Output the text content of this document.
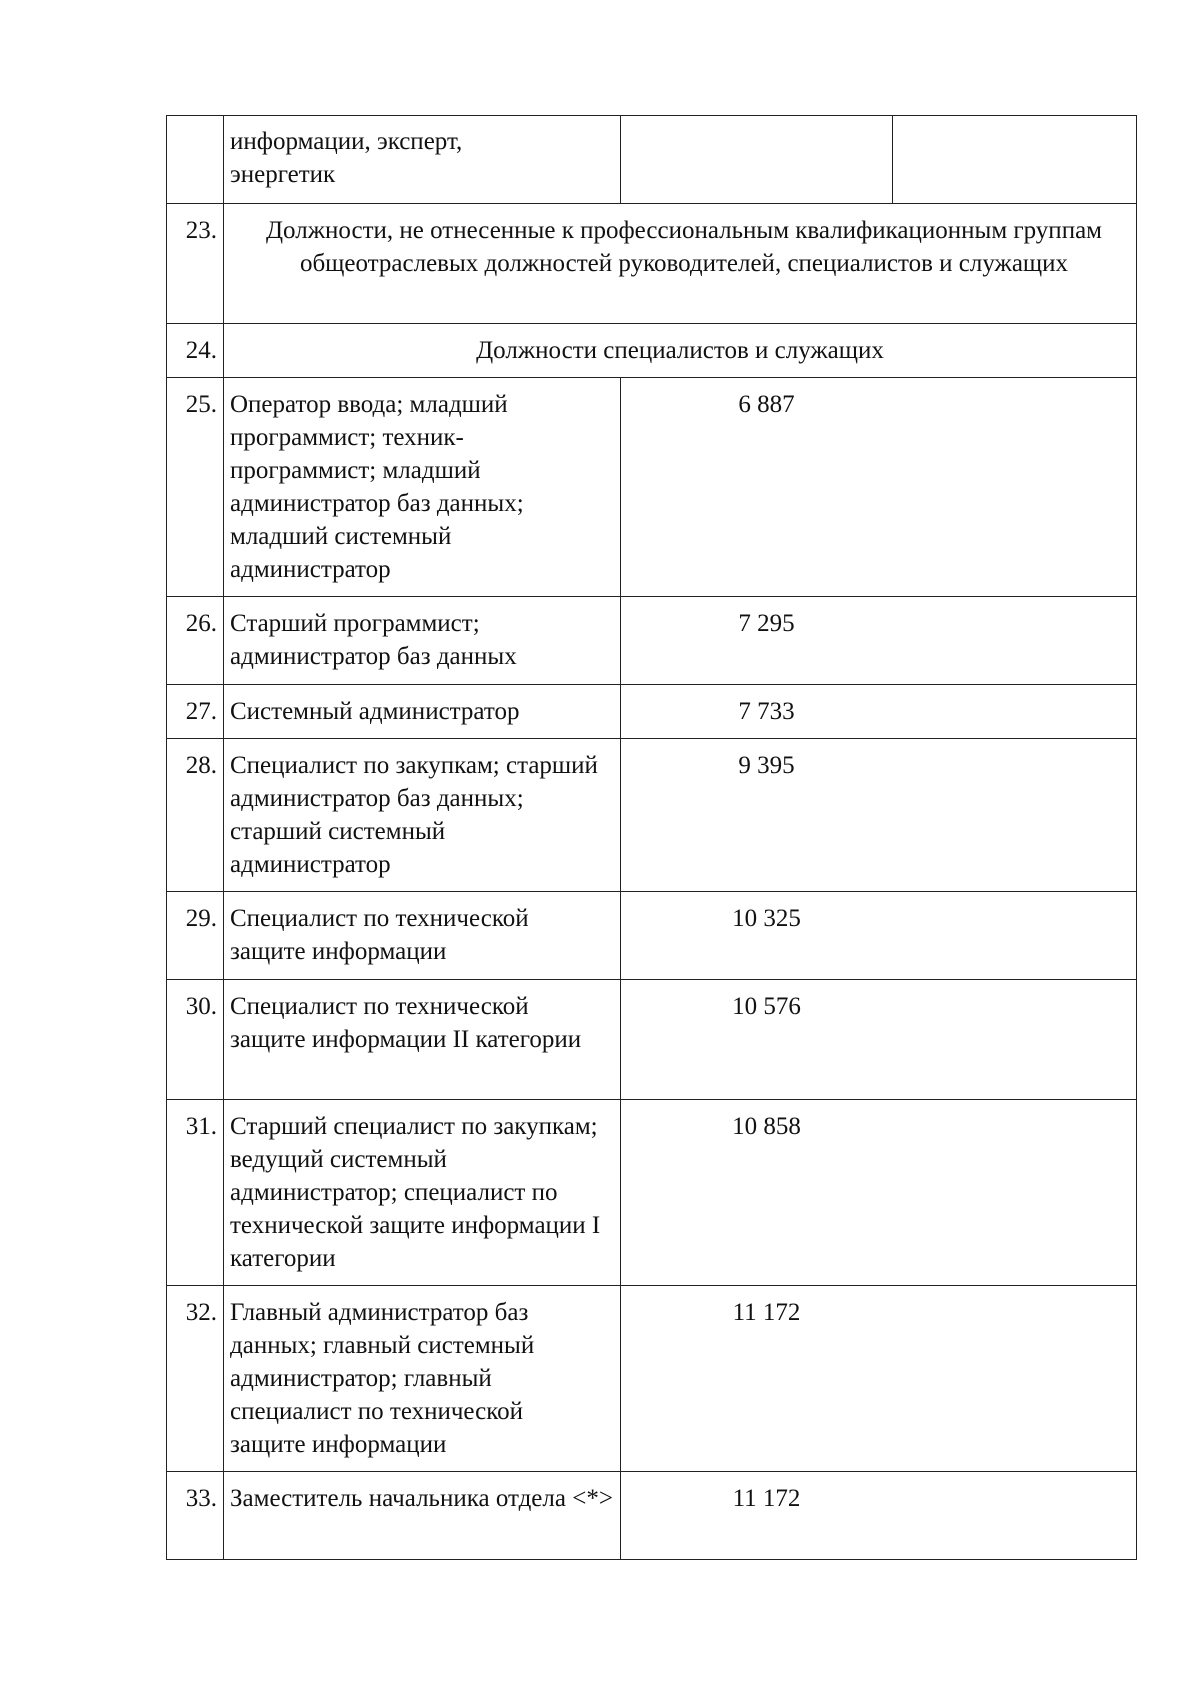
	информации, эксперт,
энергетик		
23.	Должности, не отнесенные к профессиональным квалификационным группам общеотраслевых должностей руководителей, специалистов и служащих		
24.	Должности специалистов и служащих		
25.	Оператор ввода; младший программист; техник-программист; младший администратор баз данных; младший системный администратор	6 887	
26.	Старший программист; администратор баз данных	7 295	
27.	Системный администратор	7 733	
28.	Специалист по закупкам; старший администратор баз данных; старший системный администратор	9 395	
29.	Специалист по технической защите информации	10 325	
30.	Специалист по технической защите информации II категории	10 576	
31.	Старший специалист по закупкам; ведущий системный администратор; специалист по технической защите информации I категории	10 858	
32.	Главный администратор баз данных; главный системный администратор; главный специалист по технической защите информации	11 172	
33.	Заместитель начальника отдела <*>	11 172	
